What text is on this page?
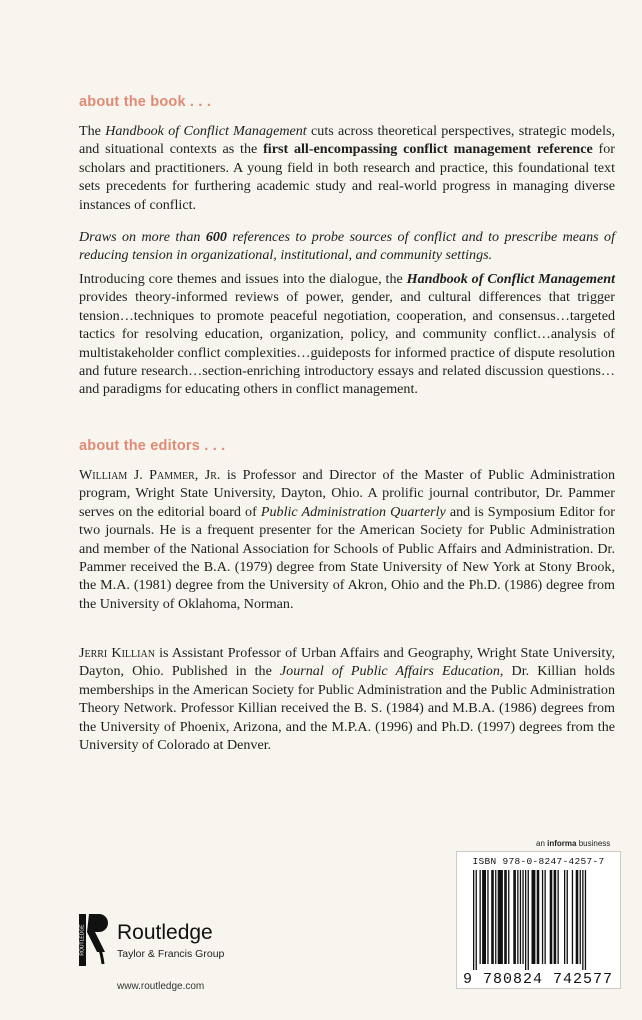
about the book . . .

The Handbook of Conflict Management cuts across theoretical perspectives, strategic models, and situational contexts as the first all-encompassing conflict management reference for scholars and practitioners. A young field in both research and practice, this foundational text sets precedents for furthering academic study and real-world progress in managing diverse instances of conflict.

Draws on more than 600 references to probe sources of conflict and to prescribe means of reducing tension in organizational, institutional, and community settings.

Introducing core themes and issues into the dialogue, the Handbook of Conflict Management provides theory-informed reviews of power, gender, and cultural differences that trigger tension…techniques to promote peaceful negotiation, cooperation, and consensus…targeted tactics for resolving education, organization, policy, and community conflict…analysis of multistakeholder conflict complexities…guideposts for informed practice of dispute resolution and future research…section-enriching introductory essays and related discussion questions…and paradigms for educating others in conflict management.

about the editors . . .

William J. Pammer, Jr. is Professor and Director of the Master of Public Administration program, Wright State University, Dayton, Ohio. A prolific journal contributor, Dr. Pammer serves on the editorial board of Public Administration Quarterly and is Symposium Editor for two journals. He is a frequent presenter for the American Society for Public Administration and member of the National Association for Schools of Public Affairs and Administration. Dr. Pammer received the B.A. (1979) degree from State University of New York at Stony Brook, the M.A. (1981) degree from the University of Akron, Ohio and the Ph.D. (1986) degree from the University of Oklahoma, Norman.

Jerri Killian is Assistant Professor of Urban Affairs and Geography, Wright State University, Dayton, Ohio. Published in the Journal of Public Affairs Education, Dr. Killian holds memberships in the American Society for Public Administration and the Public Administration Theory Network. Professor Killian received the B. S. (1984) and M.B.A. (1986) degrees from the University of Phoenix, Arizona, and the M.P.A. (1996) and Ph.D. (1997) degrees from the University of Colorado at Denver.

an informa business
ISBN 978-0-8247-4257-7
9 780824 742577
ROUTLEDGE Routledge
Taylor & Francis Group
www.routledge.com
